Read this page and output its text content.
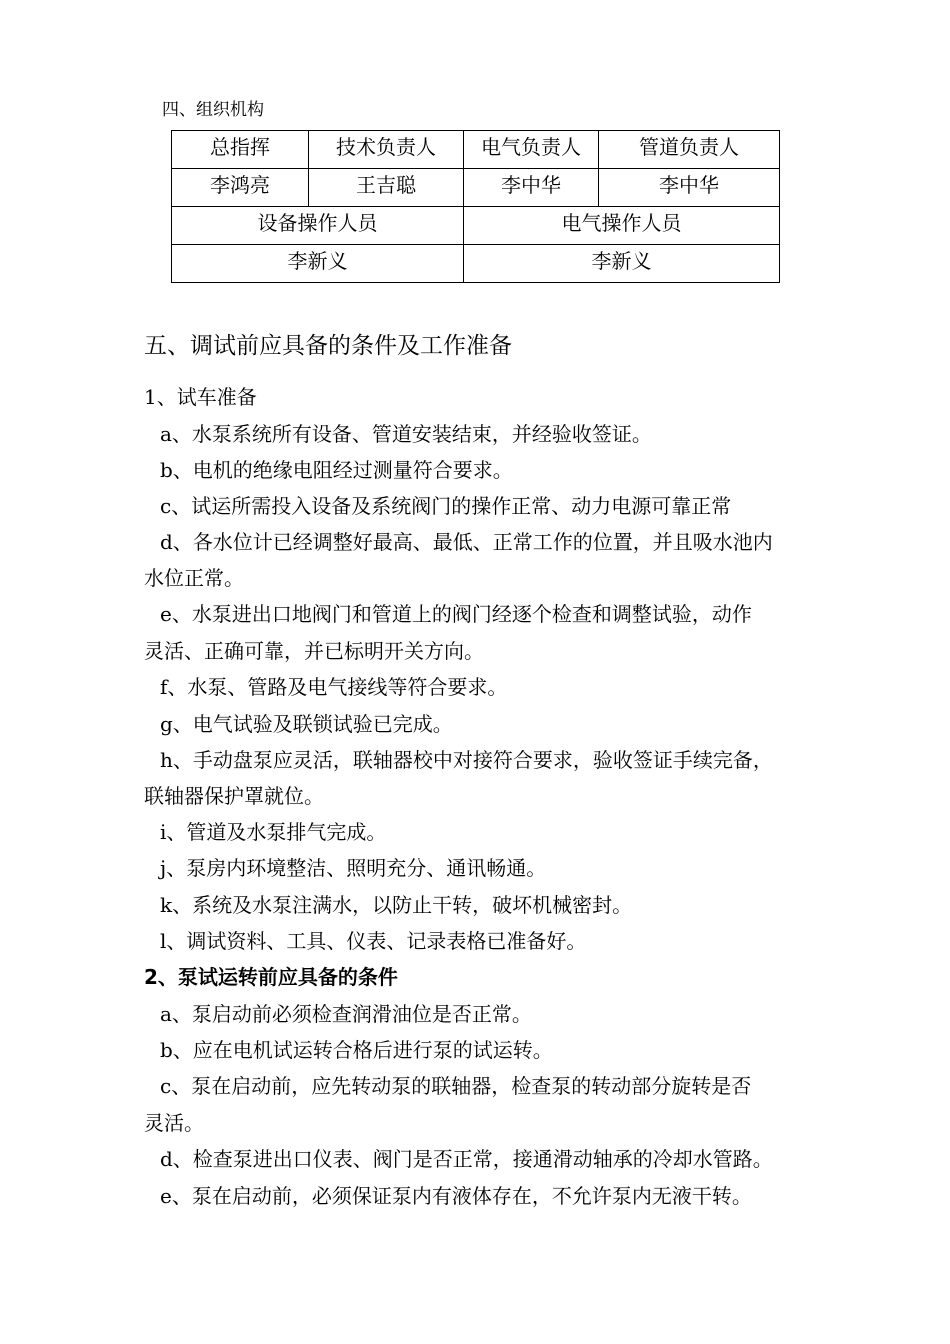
四、组织机构
总指挥	技术负责人	电气负责人	管道负责人
李鸿亮	王吉聪	李中华	李中华
设备操作人员		电气操作人员	
李新义		李新义	
五、调试前应具备的条件及工作准备
1、试车准备
a、水泵系统所有设备、管道安装结束，并经验收签证。
b、电机的绝缘电阻经过测量符合要求。
c、试运所需投入设备及系统阀门的操作正常、动力电源可靠正常
d、各水位计已经调整好最高、最低、正常工作的位置，并且吸水池内
水位正常。
e、水泵进出口地阀门和管道上的阀门经逐个检查和调整试验，动作
灵活、正确可靠，并已标明开关方向。
f、水泵、管路及电气接线等符合要求。
g、电气试验及联锁试验已完成。
h、手动盘泵应灵活，联轴器校中对接符合要求，验收签证手续完备，
联轴器保护罩就位。
i、管道及水泵排气完成。
j、泵房内环境整洁、照明充分、通讯畅通。
k、系统及水泵注满水，以防止干转，破坏机械密封。
l、调试资料、工具、仪表、记录表格已准备好。
2、泵试运转前应具备的条件
a、泵启动前必须检查润滑油位是否正常。
b、应在电机试运转合格后进行泵的试运转。
c、泵在启动前，应先转动泵的联轴器，检查泵的转动部分旋转是否
灵活。
d、检查泵进出口仪表、阀门是否正常，接通滑动轴承的冷却水管路。
e、泵在启动前，必须保证泵内有液体存在，不允许泵内无液干转。
